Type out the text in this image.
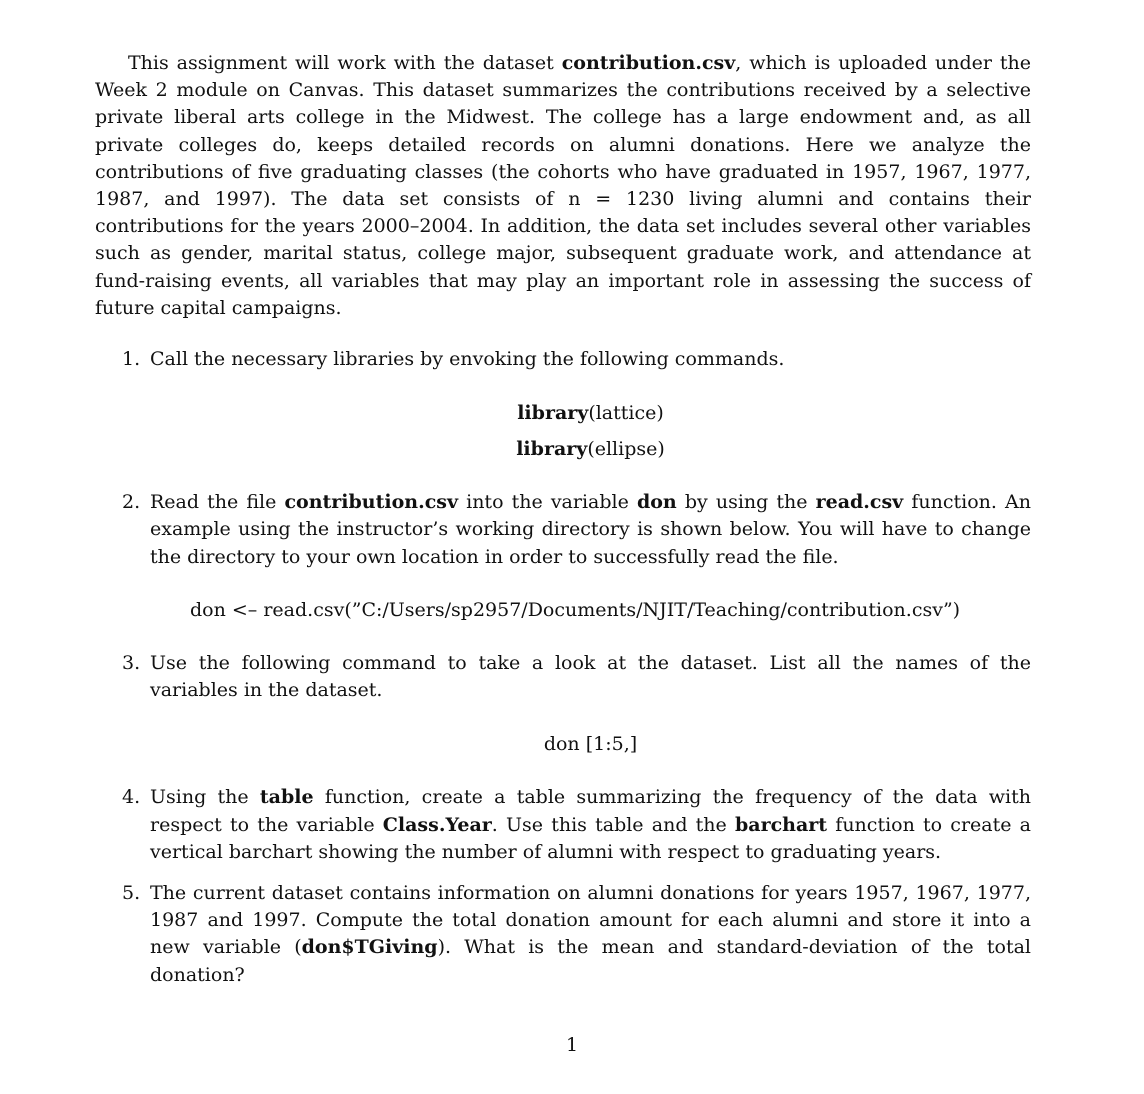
This assignment will work with the dataset contribution.csv, which is uploaded under the Week 2 module on Canvas. This dataset summarizes the contributions received by a selective private liberal arts college in the Midwest. The college has a large endowment and, as all private colleges do, keeps detailed records on alumni donations. Here we analyze the contributions of five graduating classes (the cohorts who have graduated in 1957, 1967, 1977, 1987, and 1997). The data set consists of n = 1230 living alumni and contains their contributions for the years 2000–2004. In addition, the data set includes several other variables such as gender, marital status, college major, subsequent graduate work, and attendance at fund-raising events, all variables that may play an important role in assessing the success of future capital campaigns.

1. Call the necessary libraries by envoking the following commands.
library(lattice)
library(ellipse)
2. Read the file contribution.csv into the variable don by using the read.csv function. An example using the instructor’s working directory is shown below. You will have to change the directory to your own location in order to successfully read the file.
don <– read.csv(”C:/Users/sp2957/Documents/NJIT/Teaching/contribution.csv”)
3. Use the following command to take a look at the dataset. List all the names of the variables in the dataset.
don [1:5,]
4. Using the table function, create a table summarizing the frequency of the data with respect to the variable Class.Year. Use this table and the barchart function to create a vertical barchart showing the number of alumni with respect to graduating years.
5. The current dataset contains information on alumni donations for years 1957, 1967, 1977, 1987 and 1997. Compute the total donation amount for each alumni and store it into a new variable (don$TGiving). What is the mean and standard-deviation of the total donation?
1
